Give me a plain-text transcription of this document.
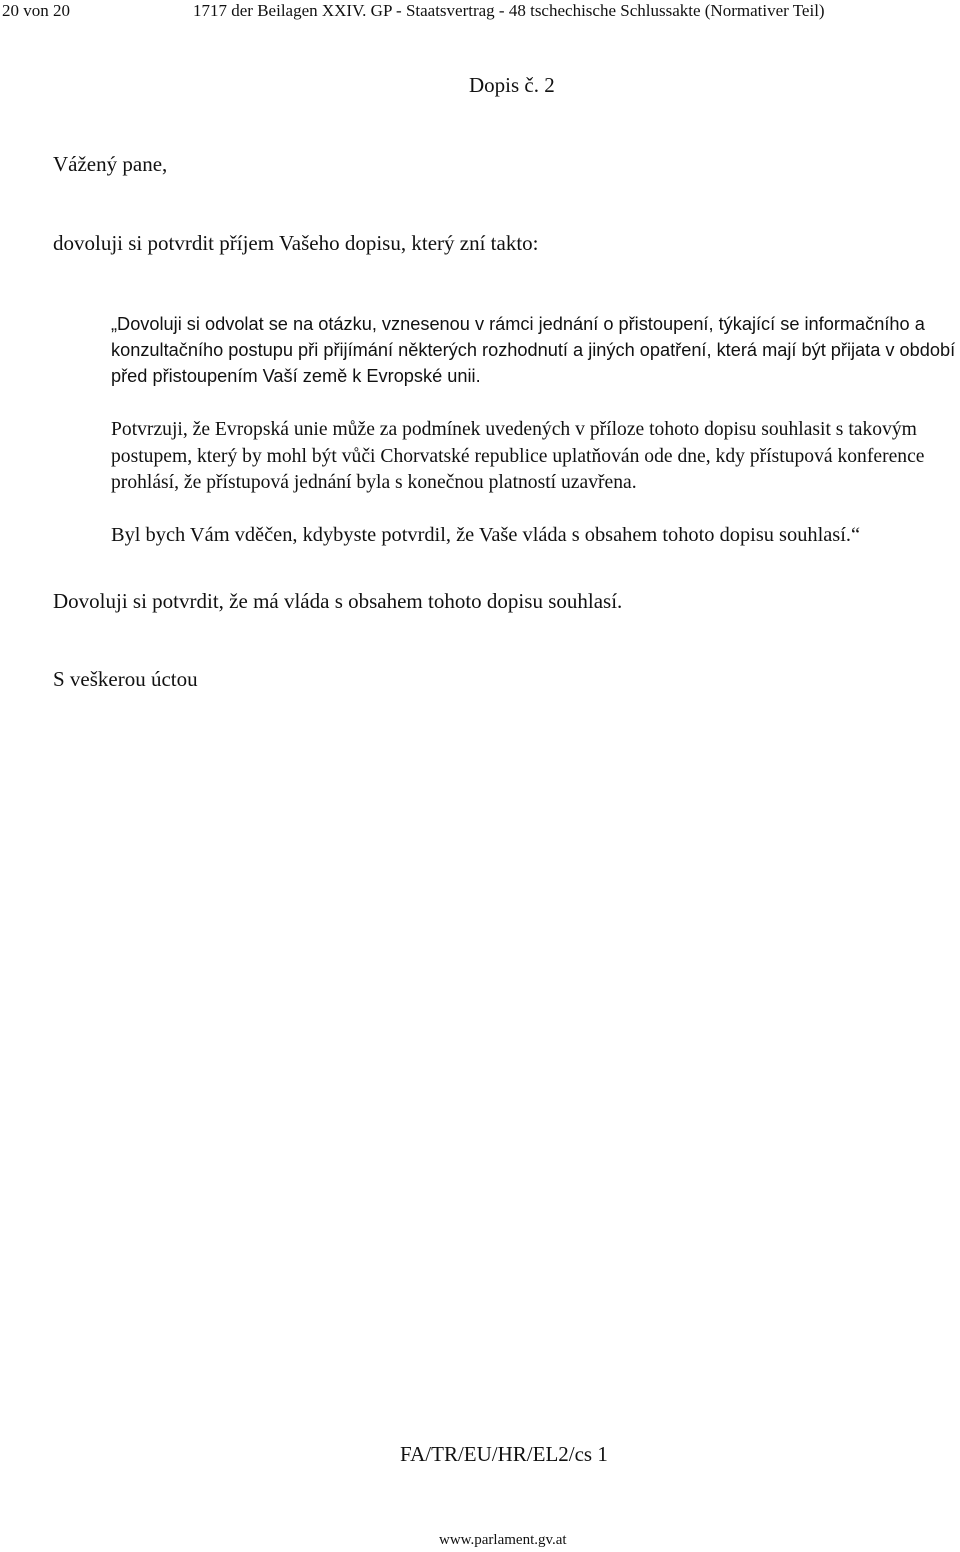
20 von 20	1717 der Beilagen XXIV. GP - Staatsvertrag - 48 tschechische Schlussakte (Normativer Teil)
Dopis č. 2
Vážený pane,
dovoluji si potvrdit příjem Vašeho dopisu, který zní takto:
„Dovoluji si odvolat se na otázku, vznesenou v rámci jednání o přistoupení, týkající se informačního a konzultačního postupu při přijímání některých rozhodnutí a jiných opatření, která mají být přijata v období před přistoupením Vaší země k Evropské unii.
Potvrzuji, že Evropská unie může za podmínek uvedených v příloze tohoto dopisu souhlasit s takovým postupem, který by mohl být vůči Chorvatské republice uplatňován ode dne, kdy přístupová konference prohlásí, že přístupová jednání byla s konečnou platností uzavřena.
Byl bych Vám vděčen, kdybyste potvrdil, že Vaše vláda s obsahem tohoto dopisu souhlasí.“
Dovoluji si potvrdit, že má vláda s obsahem tohoto dopisu souhlasí.
S veškerou úctou
FA/TR/EU/HR/EL2/cs 1
www.parlament.gv.at
